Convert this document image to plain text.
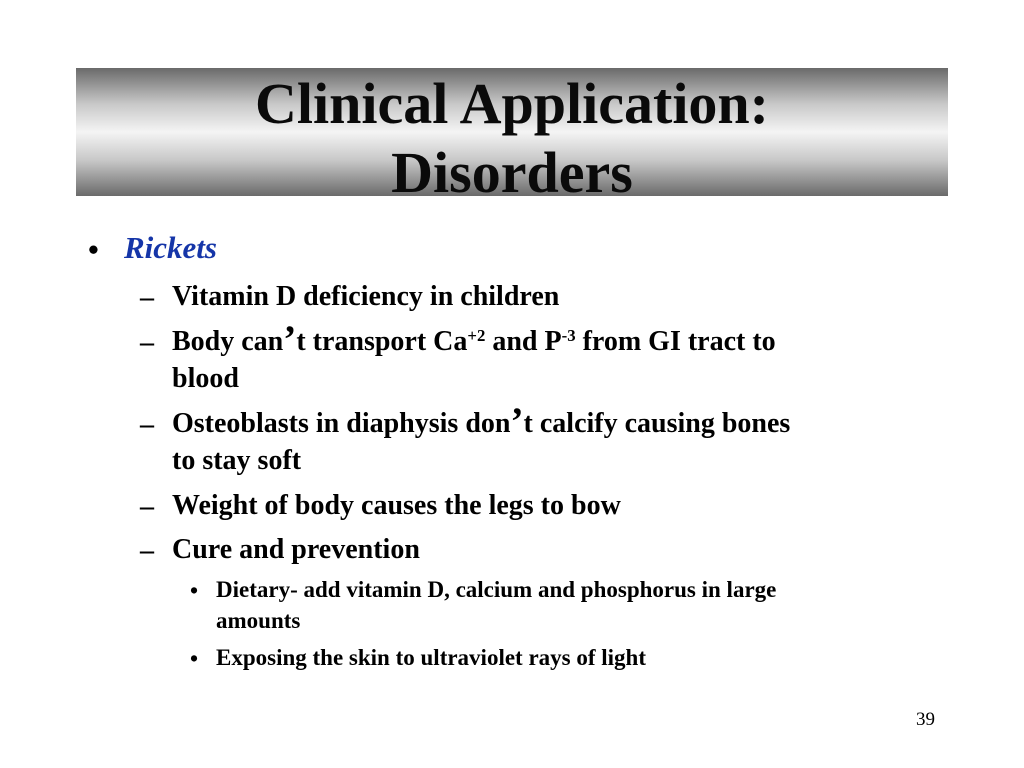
Clinical Application:
Disorders
• Rickets
– Vitamin D deficiency in children
– Body can’t transport $Ca^{+2}$ and $P^{-3}$ from GI tract to
blood
– Osteoblasts in diaphysis don’t calcify causing bones
to stay soft
– Weight of body causes the legs to bow
– Cure and prevention
• Dietary- add vitamin D, calcium and phosphorus in large
amounts
• Exposing the skin to ultraviolet rays of light
39
